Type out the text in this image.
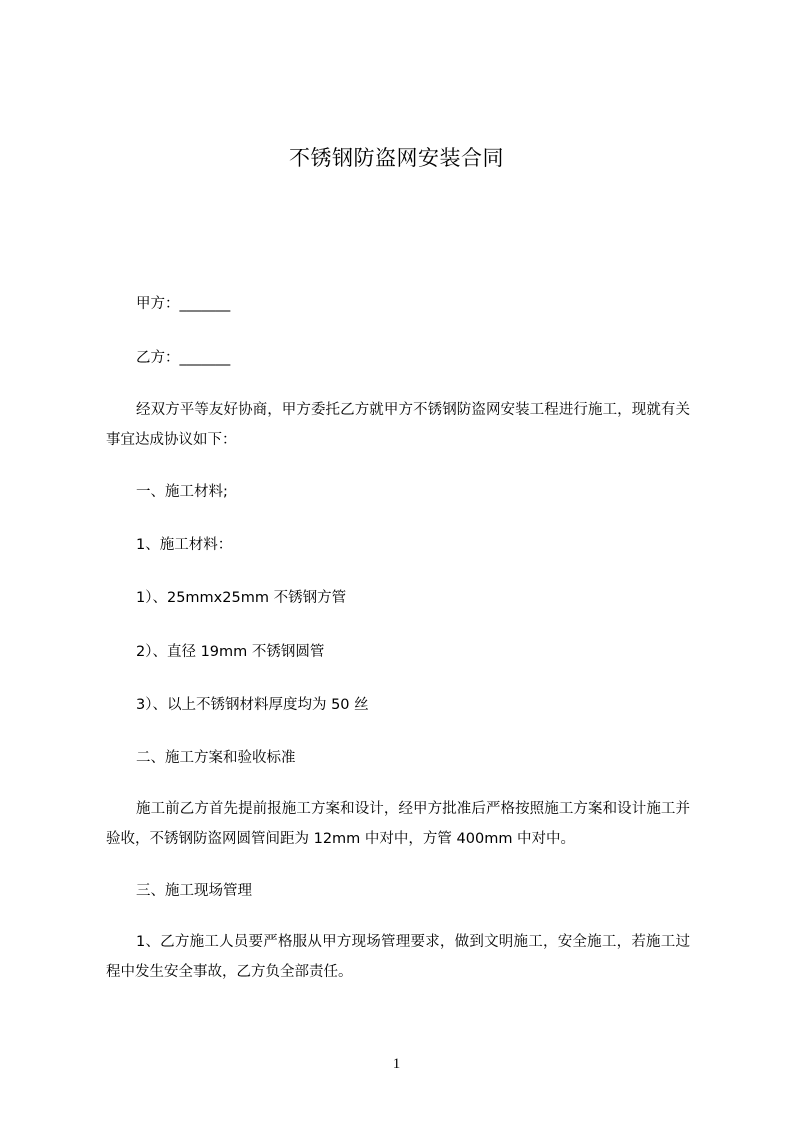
不锈钢防盗网安装合同
甲方：_______
乙方：_______
经双方平等友好协商，甲方委托乙方就甲方不锈钢防盗网安装工程进行施工，现就有关事宜达成协议如下：
一、施工材料;
1、施工材料：
1）、25mmx25mm 不锈钢方管
2）、直径 19mm 不锈钢圆管
3）、以上不锈钢材料厚度均为 50 丝
二、施工方案和验收标准
施工前乙方首先提前报施工方案和设计，经甲方批准后严格按照施工方案和设计施工并验收，不锈钢防盗网圆管间距为 12mm 中对中，方管 400mm 中对中。
三、施工现场管理
1、乙方施工人员要严格服从甲方现场管理要求，做到文明施工，安全施工，若施工过程中发生安全事故，乙方负全部责任。
1
